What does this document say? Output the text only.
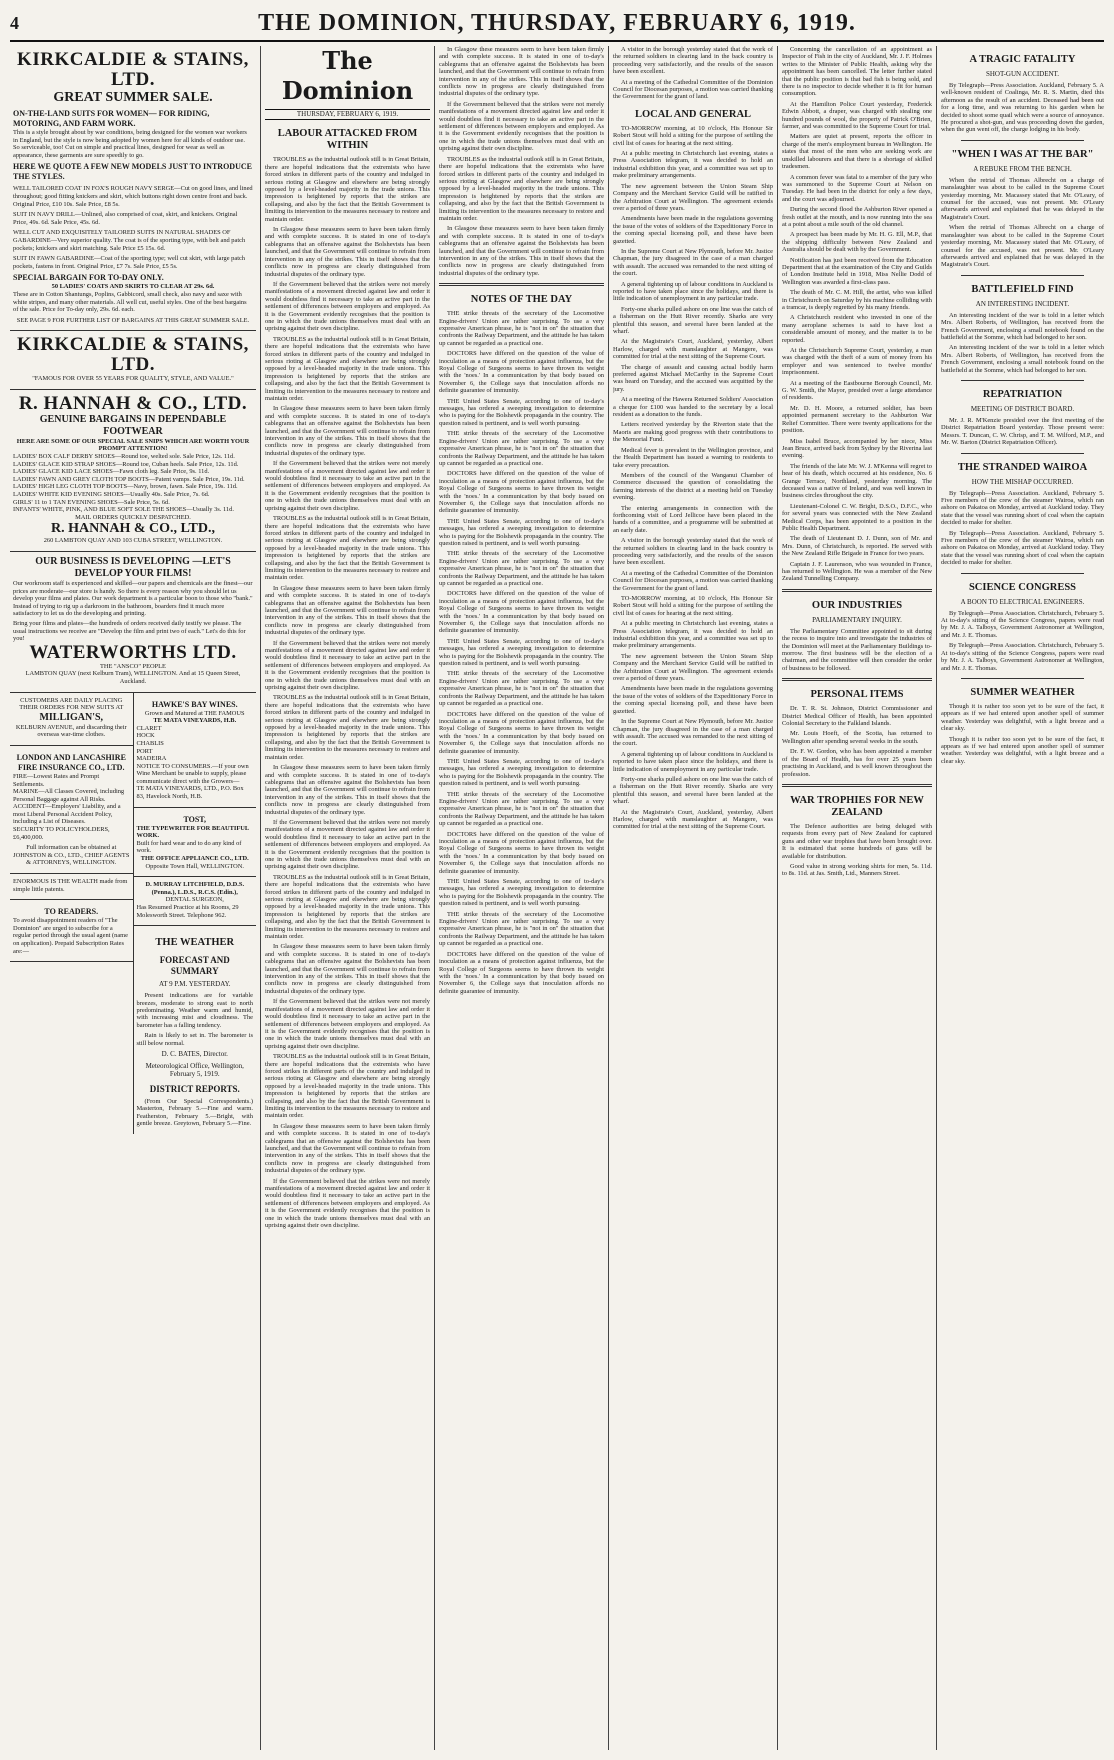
4	THE DOMINION, THURSDAY, FEBRUARY 6, 1919.
KIRKCALDIE & STAINS, LTD.
GREAT SUMMER SALE.
ON-THE-LAND SUITS FOR WOMEN— FOR RIDING, MOTORING, AND FARM WORK.
This is a style brought about by war conditions, being designed for the women war workers in England, but the style is now being adopted by women here for all kinds of outdoor use. So serviceable, too! Cut on simple and practical lines, designed for wear as well as appearance, these garments are sure speedily to go.
HERE WE QUOTE A FEW NEW MODELS JUST TO INTRODUCE THE STYLES.
WELL TAILORED COAT IN FOX'S ROUGH NAVY SERGE—Cut on good lines, and lined throughout; good fitting knickers and skirt, which buttons right down centre front and back. Original Price, £10 10s. Sale Price, £8 5s.
SUIT IN NAVY DRILL—Unlined, also comprised of coat, skirt, and knickers. Original Price, 49s. 6d. Sale Price, 45s. 6d.
WELL CUT AND EXQUISITELY TAILORED SUITS IN NATURAL SHADES OF GABARDINE—Very superior quality. The coat is of the sporting type, with belt and patch pockets; knickers and skirt matching. Sale Price £5 15s. 6d.
SUIT IN FAWN GABARDINE—Coat of the sporting type; well cut skirt, with large patch pockets, fastens in front. Original Price, £7 7s. Sale Price, £5 5s.
SPECIAL BARGAIN FOR TO-DAY ONLY.
50 LADIES' COATS AND SKIRTS TO CLEAR AT 29s. 6d.
These are in Cotton Shantungs, Poplins, Gabbicord, small check, also navy and saxe with white stripes, and many other materials. All well cut, useful styles. One of the best bargains of the sale. Price for To-day only, 29s. 6d. each.
SEE PAGE 9 FOR FURTHER LIST OF BARGAINS AT THIS GREAT SUMMER SALE.
KIRKCALDIE & STAINS, LTD.
"FAMOUS FOR OVER 55 YEARS FOR QUALITY, STYLE, AND VALUE."
R. HANNAH & CO., LTD.
GENUINE BARGAINS IN DEPENDABLE FOOTWEAR
HERE ARE SOME OF OUR SPECIAL SALE SNIPS WHICH ARE WORTH YOUR PROMPT ATTENTION!
LADIES' BOX CALF DERBY SHOES—Round toe, welted sole. Sale Price, 12s. 11d.
LADIES' GLACE KID STRAP SHOES—Round toe, Cuban heels. Sale Price, 12s. 11d.
LADIES' GLACE KID LACE SHOES—Fawn cloth leg. Sale Price, 9s. 11d.
LADIES' FAWN AND GREY CLOTH TOP BOOTS—Patent vamps. Sale Price, 19s. 11d.
LADIES' HIGH LEG CLOTH TOP BOOTS—Navy, brown, fawn. Sale Price, 19s. 11d.
LADIES' WHITE KID EVENING SHOES—Usually 40s. Sale Price, 7s. 6d.
GIRLS' 11 to 1 TAN EVENING SHOES—Sale Price, 5s. 6d.
INFANTS' WHITE, PINK, AND BLUE SOFT SOLE THE SHOES—Usually 3s. 11d.
MAIL ORDERS QUICKLY DESPATCHED.
R. HANNAH & CO., LTD.,
260 LAMBTON QUAY AND 103 CUBA STREET, WELLINGTON.
OUR BUSINESS IS DEVELOPING —LET'S DEVELOP YOUR FILMS!
Our workroom staff is experienced and skilled—our papers and chemicals are the finest—our prices are moderate—our store is handy. So there is every reason why you should let us develop your films and plates. Our work department is a particular boon to those who "bank." Instead of trying to rig up a darkroom in the bathroom, boarders find it much more satisfactory to let us do the developing and printing.
Bring your films and plates—the hundreds of orders received daily testify we please. The usual instructions we receive are "Develop the film and print two of each." Let's do this for you!
WATERWORTHS LTD.
THE "ANSCO" PEOPLE
LAMBTON QUAY (next Kelburn Tram), WELLINGTON. And at 15 Queen Street, Auckland.
CUSTOMERS ARE DAILY PLACING THEIR ORDERS FOR NEW SUITS AT
MILLIGAN'S,
KELBURN AVENUE, and discarding their overseas war-time clothes.
LONDON AND LANCASHIRE FIRE INSURANCE CO., LTD.
FIRE—Lowest Rates and Prompt Settlements.
MARINE—All Classes Covered, including Personal Baggage against All Risks.
ACCIDENT—Employers' Liability, and a most Liberal Personal Accident Policy, including a List of Diseases.
SECURITY TO POLICYHOLDERS, £6,400,000.
Full information can be obtained at JOHNSTON & CO., LTD., CHIEF AGENTS & ATTORNEYS, WELLINGTON.
ENORMOUS IS THE WEALTH made from simple little patents.
TO READERS.
To avoid disappointment readers of "The Dominion" are urged to subscribe for a regular period through the usual agent (name on application). Prepaid Subscription Rates are:—
HAWKE'S BAY WINES.
Grown and Matured at THE FAMOUS
TE MATA VINEYARDS, H.B.
CLARET
HOCK
CHABLIS
PORT
MADEIRA
NOTICE TO CONSUMERS.—If your own Wine Merchant be unable to supply, please communicate direct with the Growers—
TE MATA VINEYARDS, LTD., P.O. Box 83, Havelock North, H.B.
TOST,
THE TYPEWRITER FOR BEAUTIFUL WORK.
Built for hard wear and to do any kind of work.
THE OFFICE APPLIANCE CO., LTD.
Opposite Town Hall, WELLINGTON.
D. MURRAY LITCHFIELD, D.D.S. (Penna.), L.D.S., R.C.S. (Edin.),
DENTAL SURGEON,
Has Resumed Practice at his Rooms, 29 Molesworth Street. Telephone 962.
THE WEATHER
FORECAST AND SUMMARY
AT 9 P.M. YESTERDAY.
Present indications are for variable breezes, moderate to strong east to north predominating. Weather warm and humid, with increasing mist and cloudiness. The barometer has a falling tendency.
Rain is likely to set in. The barometer is still below normal.
D. C. BATES, Director.
Meteorological Office, Wellington, February 5, 1919.
DISTRICT REPORTS.
(From Our Special Correspondents.) Masterton, February 5.—Fine and warm. Featherston, February 5.—Bright, with gentle breeze. Greytown, February 5.—Fine.
The Dominion
THURSDAY, FEBRUARY 6, 1919.
LABOUR ATTACKED FROM WITHIN
TROUBLES as the industrial outlook still is in Great Britain, there are hopeful indications that the extremists who have forced strikes in different parts of the country and indulged in serious rioting at Glasgow and elsewhere are being strongly opposed by a level-headed majority in the trade unions. This impression is heightened by reports that the strikes are collapsing, and also by the fact that the British Government is limiting its intervention to the measures necessary to restore and maintain order.
In Glasgow these measures seem to have been taken firmly and with complete success. It is stated in one of to-day's cablegrams that an offensive against the Bolshevists has been launched, and that the Government will continue to refrain from intervention in any of the strikes. This in itself shows that the conflicts now in progress are clearly distinguished from industrial disputes of the ordinary type.
If the Government believed that the strikes were not merely manifestations of a movement directed against law and order it would doubtless find it necessary to take an active part in the settlement of differences between employers and employed. As it is the Government evidently recognises that the position is one in which the trade unions themselves must deal with an uprising against their own discipline.
TROUBLES as the industrial outlook still is in Great Britain, there are hopeful indications that the extremists who have forced strikes in different parts of the country and indulged in serious rioting at Glasgow and elsewhere are being strongly opposed by a level-headed majority in the trade unions. This impression is heightened by reports that the strikes are collapsing, and also by the fact that the British Government is limiting its intervention to the measures necessary to restore and maintain order.
In Glasgow these measures seem to have been taken firmly and with complete success. It is stated in one of to-day's cablegrams that an offensive against the Bolshevists has been launched, and that the Government will continue to refrain from intervention in any of the strikes. This in itself shows that the conflicts now in progress are clearly distinguished from industrial disputes of the ordinary type.
If the Government believed that the strikes were not merely manifestations of a movement directed against law and order it would doubtless find it necessary to take an active part in the settlement of differences between employers and employed. As it is the Government evidently recognises that the position is one in which the trade unions themselves must deal with an uprising against their own discipline.
TROUBLES as the industrial outlook still is in Great Britain, there are hopeful indications that the extremists who have forced strikes in different parts of the country and indulged in serious rioting at Glasgow and elsewhere are being strongly opposed by a level-headed majority in the trade unions. This impression is heightened by reports that the strikes are collapsing, and also by the fact that the British Government is limiting its intervention to the measures necessary to restore and maintain order.
In Glasgow these measures seem to have been taken firmly and with complete success. It is stated in one of to-day's cablegrams that an offensive against the Bolshevists has been launched, and that the Government will continue to refrain from intervention in any of the strikes. This in itself shows that the conflicts now in progress are clearly distinguished from industrial disputes of the ordinary type.
If the Government believed that the strikes were not merely manifestations of a movement directed against law and order it would doubtless find it necessary to take an active part in the settlement of differences between employers and employed. As it is the Government evidently recognises that the position is one in which the trade unions themselves must deal with an uprising against their own discipline.
TROUBLES as the industrial outlook still is in Great Britain, there are hopeful indications that the extremists who have forced strikes in different parts of the country and indulged in serious rioting at Glasgow and elsewhere are being strongly opposed by a level-headed majority in the trade unions. This impression is heightened by reports that the strikes are collapsing, and also by the fact that the British Government is limiting its intervention to the measures necessary to restore and maintain order.
In Glasgow these measures seem to have been taken firmly and with complete success. It is stated in one of to-day's cablegrams that an offensive against the Bolshevists has been launched, and that the Government will continue to refrain from intervention in any of the strikes. This in itself shows that the conflicts now in progress are clearly distinguished from industrial disputes of the ordinary type.
If the Government believed that the strikes were not merely manifestations of a movement directed against law and order it would doubtless find it necessary to take an active part in the settlement of differences between employers and employed. As it is the Government evidently recognises that the position is one in which the trade unions themselves must deal with an uprising against their own discipline.
TROUBLES as the industrial outlook still is in Great Britain, there are hopeful indications that the extremists who have forced strikes in different parts of the country and indulged in serious rioting at Glasgow and elsewhere are being strongly opposed by a level-headed majority in the trade unions. This impression is heightened by reports that the strikes are collapsing, and also by the fact that the British Government is limiting its intervention to the measures necessary to restore and maintain order.
In Glasgow these measures seem to have been taken firmly and with complete success. It is stated in one of to-day's cablegrams that an offensive against the Bolshevists has been launched, and that the Government will continue to refrain from intervention in any of the strikes. This in itself shows that the conflicts now in progress are clearly distinguished from industrial disputes of the ordinary type.
If the Government believed that the strikes were not merely manifestations of a movement directed against law and order it would doubtless find it necessary to take an active part in the settlement of differences between employers and employed. As it is the Government evidently recognises that the position is one in which the trade unions themselves must deal with an uprising against their own discipline.
TROUBLES as the industrial outlook still is in Great Britain, there are hopeful indications that the extremists who have forced strikes in different parts of the country and indulged in serious rioting at Glasgow and elsewhere are being strongly opposed by a level-headed majority in the trade unions. This impression is heightened by reports that the strikes are collapsing, and also by the fact that the British Government is limiting its intervention to the measures necessary to restore and maintain order.
In Glasgow these measures seem to have been taken firmly and with complete success. It is stated in one of to-day's cablegrams that an offensive against the Bolshevists has been launched, and that the Government will continue to refrain from intervention in any of the strikes. This in itself shows that the conflicts now in progress are clearly distinguished from industrial disputes of the ordinary type.
If the Government believed that the strikes were not merely manifestations of a movement directed against law and order it would doubtless find it necessary to take an active part in the settlement of differences between employers and employed. As it is the Government evidently recognises that the position is one in which the trade unions themselves must deal with an uprising against their own discipline.
In Glasgow these measures seem to have been taken firmly and with complete success. It is stated in one of to-day's cablegrams that an offensive against the Bolshevists has been launched, and that the Government will continue to refrain from intervention in any of the strikes. This in itself shows that the conflicts now in progress are clearly distinguished from industrial disputes of the ordinary type.
If the Government believed that the strikes were not merely manifestations of a movement directed against law and order it would doubtless find it necessary to take an active part in the settlement of differences between employers and employed. As it is the Government evidently recognises that the position is one in which the trade unions themselves must deal with an uprising against their own discipline.
TROUBLES as the industrial outlook still is in Great Britain, there are hopeful indications that the extremists who have forced strikes in different parts of the country and indulged in serious rioting at Glasgow and elsewhere are being strongly opposed by a level-headed majority in the trade unions. This impression is heightened by reports that the strikes are collapsing, and also by the fact that the British Government is limiting its intervention to the measures necessary to restore and maintain order.
In Glasgow these measures seem to have been taken firmly and with complete success. It is stated in one of to-day's cablegrams that an offensive against the Bolshevists has been launched, and that the Government will continue to refrain from intervention in any of the strikes. This in itself shows that the conflicts now in progress are clearly distinguished from industrial disputes of the ordinary type.
NOTES OF THE DAY
THE strike threats of the secretary of the Locomotive Engine-drivers' Union are rather surprising. To use a very expressive American phrase, he is "not in on" the situation that confronts the Railway Department, and the attitude he has taken up cannot be regarded as a practical one.
DOCTORS have differed on the question of the value of inoculation as a means of protection against influenza, but the Royal College of Surgeons seems to have thrown its weight with the 'noes.' In a communication by that body issued on November 6, the College says that inoculation affords no definite guarantee of immunity.
THE United States Senate, according to one of to-day's messages, has ordered a sweeping investigation to determine who is paying for the Bolshevik propaganda in the country. The question raised is pertinent, and is well worth pursuing.
THE strike threats of the secretary of the Locomotive Engine-drivers' Union are rather surprising. To use a very expressive American phrase, he is "not in on" the situation that confronts the Railway Department, and the attitude he has taken up cannot be regarded as a practical one.
DOCTORS have differed on the question of the value of inoculation as a means of protection against influenza, but the Royal College of Surgeons seems to have thrown its weight with the 'noes.' In a communication by that body issued on November 6, the College says that inoculation affords no definite guarantee of immunity.
THE United States Senate, according to one of to-day's messages, has ordered a sweeping investigation to determine who is paying for the Bolshevik propaganda in the country. The question raised is pertinent, and is well worth pursuing.
THE strike threats of the secretary of the Locomotive Engine-drivers' Union are rather surprising. To use a very expressive American phrase, he is "not in on" the situation that confronts the Railway Department, and the attitude he has taken up cannot be regarded as a practical one.
DOCTORS have differed on the question of the value of inoculation as a means of protection against influenza, but the Royal College of Surgeons seems to have thrown its weight with the 'noes.' In a communication by that body issued on November 6, the College says that inoculation affords no definite guarantee of immunity.
THE United States Senate, according to one of to-day's messages, has ordered a sweeping investigation to determine who is paying for the Bolshevik propaganda in the country. The question raised is pertinent, and is well worth pursuing.
THE strike threats of the secretary of the Locomotive Engine-drivers' Union are rather surprising. To use a very expressive American phrase, he is "not in on" the situation that confronts the Railway Department, and the attitude he has taken up cannot be regarded as a practical one.
DOCTORS have differed on the question of the value of inoculation as a means of protection against influenza, but the Royal College of Surgeons seems to have thrown its weight with the 'noes.' In a communication by that body issued on November 6, the College says that inoculation affords no definite guarantee of immunity.
THE United States Senate, according to one of to-day's messages, has ordered a sweeping investigation to determine who is paying for the Bolshevik propaganda in the country. The question raised is pertinent, and is well worth pursuing.
THE strike threats of the secretary of the Locomotive Engine-drivers' Union are rather surprising. To use a very expressive American phrase, he is "not in on" the situation that confronts the Railway Department, and the attitude he has taken up cannot be regarded as a practical one.
DOCTORS have differed on the question of the value of inoculation as a means of protection against influenza, but the Royal College of Surgeons seems to have thrown its weight with the 'noes.' In a communication by that body issued on November 6, the College says that inoculation affords no definite guarantee of immunity.
THE United States Senate, according to one of to-day's messages, has ordered a sweeping investigation to determine who is paying for the Bolshevik propaganda in the country. The question raised is pertinent, and is well worth pursuing.
THE strike threats of the secretary of the Locomotive Engine-drivers' Union are rather surprising. To use a very expressive American phrase, he is "not in on" the situation that confronts the Railway Department, and the attitude he has taken up cannot be regarded as a practical one.
DOCTORS have differed on the question of the value of inoculation as a means of protection against influenza, but the Royal College of Surgeons seems to have thrown its weight with the 'noes.' In a communication by that body issued on November 6, the College says that inoculation affords no definite guarantee of immunity.
A visitor in the borough yesterday stated that the work of the returned soldiers in clearing land in the back country is proceeding very satisfactorily, and the results of the season have been excellent.
At a meeting of the Cathedral Committee of the Dominion Council for Diocesan purposes, a motion was carried thanking the Government for the grant of land.
LOCAL AND GENERAL
TO-MORROW morning, at 10 o'clock, His Honour Sir Robert Stout will hold a sitting for the purpose of settling the civil list of cases for hearing at the next sitting.
At a public meeting in Christchurch last evening, states a Press Association telegram, it was decided to hold an industrial exhibition this year, and a committee was set up to make preliminary arrangements.
The new agreement between the Union Steam Ship Company and the Merchant Service Guild will be ratified in the Arbitration Court at Wellington. The agreement extends over a period of three years.
Amendments have been made in the regulations governing the issue of the votes of soldiers of the Expeditionary Force in the coming special licensing poll, and these have been gazetted.
In the Supreme Court at New Plymouth, before Mr. Justice Chapman, the jury disagreed in the case of a man charged with assault. The accused was remanded to the next sitting of the court.
A general tightening up of labour conditions in Auckland is reported to have taken place since the holidays, and there is little indication of unemployment in any particular trade.
Forty-one sharks pulled ashore on one line was the catch of a fisherman on the Hutt River recently. Sharks are very plentiful this season, and several have been landed at the wharf.
At the Magistrate's Court, Auckland, yesterday, Albert Harlow, charged with manslaughter at Mangere, was committed for trial at the next sitting of the Supreme Court.
The charge of assault and causing actual bodily harm preferred against Michael McCarthy in the Supreme Court was heard on Tuesday, and the accused was acquitted by the jury.
At a meeting of the Hawera Returned Soldiers' Association a cheque for £100 was handed to the secretary by a local resident as a donation to the funds.
Letters received yesterday by the Riverton state that the Maoris are making good progress with their contributions to the Memorial Fund.
Medical fever is prevalent in the Wellington province, and the Health Department has issued a warning to residents to take every precaution.
Members of the council of the Wanganui Chamber of Commerce discussed the question of consolidating the farming interests of the district at a meeting held on Tuesday evening.
The entering arrangements in connection with the forthcoming visit of Lord Jellicoe have been placed in the hands of a committee, and a programme will be submitted at an early date.
A visitor in the borough yesterday stated that the work of the returned soldiers in clearing land in the back country is proceeding very satisfactorily, and the results of the season have been excellent.
At a meeting of the Cathedral Committee of the Dominion Council for Diocesan purposes, a motion was carried thanking the Government for the grant of land.
TO-MORROW morning, at 10 o'clock, His Honour Sir Robert Stout will hold a sitting for the purpose of settling the civil list of cases for hearing at the next sitting.
At a public meeting in Christchurch last evening, states a Press Association telegram, it was decided to hold an industrial exhibition this year, and a committee was set up to make preliminary arrangements.
The new agreement between the Union Steam Ship Company and the Merchant Service Guild will be ratified in the Arbitration Court at Wellington. The agreement extends over a period of three years.
Amendments have been made in the regulations governing the issue of the votes of soldiers of the Expeditionary Force in the coming special licensing poll, and these have been gazetted.
In the Supreme Court at New Plymouth, before Mr. Justice Chapman, the jury disagreed in the case of a man charged with assault. The accused was remanded to the next sitting of the court.
A general tightening up of labour conditions in Auckland is reported to have taken place since the holidays, and there is little indication of unemployment in any particular trade.
Forty-one sharks pulled ashore on one line was the catch of a fisherman on the Hutt River recently. Sharks are very plentiful this season, and several have been landed at the wharf.
At the Magistrate's Court, Auckland, yesterday, Albert Harlow, charged with manslaughter at Mangere, was committed for trial at the next sitting of the Supreme Court.
Concerning the cancellation of an appointment as Inspector of Fish in the city of Auckland, Mr. J. F. Holmes writes to the Minister of Public Health, asking why the appointment has been cancelled. The letter further stated that the public position is that bad fish is being sold, and there is no inspector to decide whether it is fit for human consumption.
At the Hamilton Police Court yesterday, Frederick Edwin Abbott, a draper, was charged with stealing one hundred pounds of wool, the property of Patrick O'Brien, farmer, and was committed to the Supreme Court for trial.
Matters are quiet at present, reports the officer in charge of the men's employment bureau in Wellington. He states that most of the men who are seeking work are unskilled labourers and that there is a shortage of skilled tradesmen.
A common fever was fatal to a member of the jury who was summoned to the Supreme Court at Nelson on Tuesday. He had been in the district for only a few days, and the court was adjourned.
During the second flood the Ashburton River opened a fresh outlet at the mouth, and is now running into the sea at a point about a mile south of the old channel.
A prospect has been made by Mr. H. G. Ell, M.P., that the shipping difficulty between New Zealand and Australia should be dealt with by the Government.
Notification has just been received from the Education Department that at the examination of the City and Guilds of London Institute held in 1918, Miss Nellie Dodd of Wellington was awarded a first-class pass.
The death of Mr. C. M. Hill, the artist, who was killed in Christchurch on Saturday by his machine colliding with a tramcar, is deeply regretted by his many friends.
A Christchurch resident who invested in one of the many aeroplane schemes is said to have lost a considerable amount of money, and the matter is to be reported.
At the Christchurch Supreme Court, yesterday, a man was charged with the theft of a sum of money from his employer and was sentenced to twelve months' imprisonment.
At a meeting of the Eastbourne Borough Council, Mr. G. W. Smith, the Mayor, presided over a large attendance of residents.
Mr. D. H. Moore, a returned soldier, has been appointed permanent secretary to the Ashburton War Relief Committee. There were twenty applications for the position.
Miss Isabel Bruce, accompanied by her niece, Miss Jean Bruce, arrived back from Sydney by the Riverina last evening.
The friends of the late Mr. W. J. M'Kenna will regret to hear of his death, which occurred at his residence, No. 6 Grange Terrace, Northland, yesterday morning. The deceased was a native of Ireland, and was well known in business circles throughout the city.
Lieutenant-Colonel C. W. Bright, D.S.O., D.F.C., who for several years was connected with the New Zealand Medical Corps, has been appointed to a position in the Public Health Department.
The death of Lieutenant D. J. Dunn, son of Mr. and Mrs. Dunn, of Christchurch, is reported. He served with the New Zealand Rifle Brigade in France for two years.
Captain J. F. Laurenson, who was wounded in France, has returned to Wellington. He was a member of the New Zealand Tunnelling Company.
OUR INDUSTRIES
PARLIAMENTARY INQUIRY.
The Parliamentary Committee appointed to sit during the recess to inquire into and investigate the industries of the Dominion will meet at the Parliamentary Buildings to-morrow. The first business will be the election of a chairman, and the committee will then consider the order of business to be followed.
PERSONAL ITEMS
Dr. T. R. St. Johnson, District Commissioner and District Medical Officer of Health, has been appointed Colonial Secretary to the Falkland Islands.
Mr. Louis Hoeft, of the Scotia, has returned to Wellington after spending several weeks in the south.
Dr. F. W. Gordon, who has been appointed a member of the Board of Health, has for over 25 years been practising in Auckland, and is well known throughout the profession.
WAR TROPHIES FOR NEW ZEALAND
The Defence authorities are being deluged with requests from every part of New Zealand for captured guns and other war trophies that have been brought over. It is estimated that some hundreds of guns will be available for distribution.
Good value in strong working shirts for men, 5s. 11d. to 8s. 11d. at Jas. Smith, Ltd., Manners Street.
A TRAGIC FATALITY
SHOT-GUN ACCIDENT.
By Telegraph—Press Association. Auckland, February 5. A well-known resident of Coalinga, Mr. R. S. Martin, died this afternoon as the result of an accident. Deceased had been out for a long time, and was returning to his garden when he decided to shoot some quail which were a source of annoyance. He procured a shot-gun, and was proceeding down the garden, when the gun went off, the charge lodging in his body.
"WHEN I WAS AT THE BAR"
A REBUKE FROM THE BENCH.
When the retrial of Thomas Albrecht on a charge of manslaughter was about to be called in the Supreme Court yesterday morning, Mr. Macassey stated that Mr. O'Leary, of counsel for the accused, was not present. Mr. O'Leary afterwards arrived and explained that he was delayed in the Magistrate's Court.
When the retrial of Thomas Albrecht on a charge of manslaughter was about to be called in the Supreme Court yesterday morning, Mr. Macassey stated that Mr. O'Leary, of counsel for the accused, was not present. Mr. O'Leary afterwards arrived and explained that he was delayed in the Magistrate's Court.
BATTLEFIELD FIND
AN INTERESTING INCIDENT.
An interesting incident of the war is told in a letter which Mrs. Albert Roberts, of Wellington, has received from the French Government, enclosing a small notebook found on the battlefield at the Somme, which had belonged to her son.
An interesting incident of the war is told in a letter which Mrs. Albert Roberts, of Wellington, has received from the French Government, enclosing a small notebook found on the battlefield at the Somme, which had belonged to her son.
REPATRIATION
MEETING OF DISTRICT BOARD.
Mr. J. R. M'Kenzie presided over the first meeting of the District Repatriation Board yesterday. Those present were: Messrs. T. Duncan, C. W. Chrisp, and T. M. Wilford, M.P., and Mr. W. Barton (District Repatriation Officer).
THE STRANDED WAIROA
HOW THE MISHAP OCCURRED.
By Telegraph—Press Association. Auckland, February 5. Five members of the crew of the steamer Wairoa, which ran ashore on Pakatoa on Monday, arrived at Auckland today. They state that the vessel was running short of coal when the captain decided to make for shelter.
By Telegraph—Press Association. Auckland, February 5. Five members of the crew of the steamer Wairoa, which ran ashore on Pakatoa on Monday, arrived at Auckland today. They state that the vessel was running short of coal when the captain decided to make for shelter.
SCIENCE CONGRESS
A BOON TO ELECTRICAL ENGINEERS.
By Telegraph—Press Association. Christchurch, February 5. At to-day's sitting of the Science Congress, papers were read by Mr. J. A. Talboys, Government Astronomer at Wellington, and Mr. J. E. Thomas.
By Telegraph—Press Association. Christchurch, February 5. At to-day's sitting of the Science Congress, papers were read by Mr. J. A. Talboys, Government Astronomer at Wellington, and Mr. J. E. Thomas.
SUMMER WEATHER
Though it is rather too soon yet to be sure of the fact, it appears as if we had entered upon another spell of summer weather. Yesterday was delightful, with a light breeze and a clear sky.
Though it is rather too soon yet to be sure of the fact, it appears as if we had entered upon another spell of summer weather. Yesterday was delightful, with a light breeze and a clear sky.
